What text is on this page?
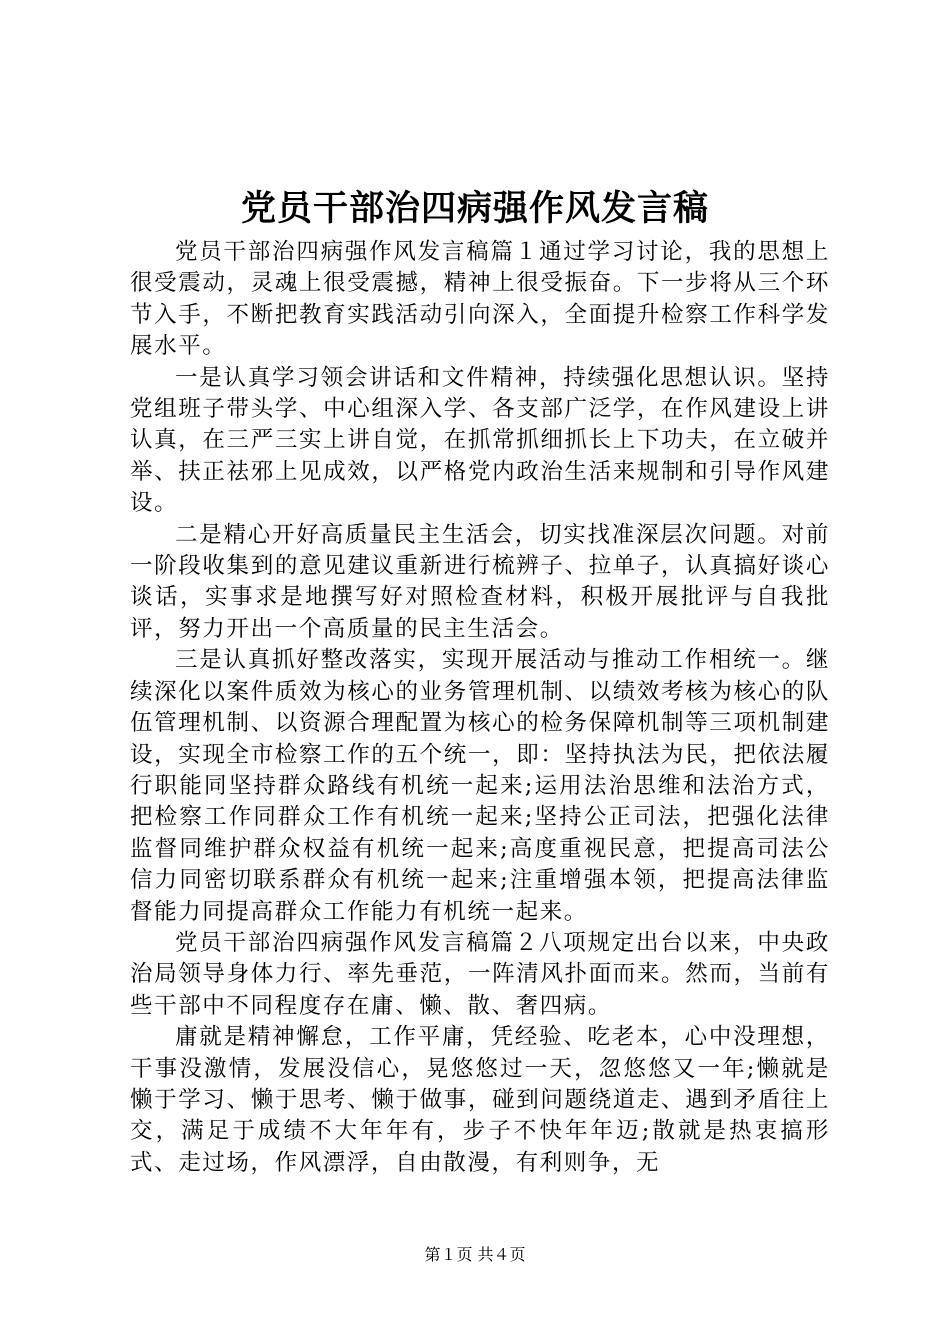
党员干部治四病强作风发言稿

党员干部治四病强作风发言稿篇１通过学习讨论，我的思想上很受震动，灵魂上很受震撼，精神上很受振奋。下一步将从三个环节入手，不断把教育实践活动引向深入，全面提升检察工作科学发展水平。

一是认真学习领会讲话和文件精神，持续强化思想认识。坚持党组班子带头学、中心组深入学、各支部广泛学，在作风建设上讲认真，在三严三实上讲自觉，在抓常抓细抓长上下功夫，在立破并举、扶正祛邪上见成效，以严格党内政治生活来规制和引导作风建设。

二是精心开好高质量民主生活会，切实找准深层次问题。对前一阶段收集到的意见建议重新进行梳辨子、拉单子，认真搞好谈心谈话，实事求是地撰写好对照检查材料，积极开展批评与自我批评，努力开出一个高质量的民主生活会。

三是认真抓好整改落实，实现开展活动与推动工作相统一。继续深化以案件质效为核心的业务管理机制、以绩效考核为核心的队伍管理机制、以资源合理配置为核心的检务保障机制等三项机制建设，实现全市检察工作的五个统一，即：坚持执法为民，把依法履行职能同坚持群众路线有机统一起来;运用法治思维和法治方式，把检察工作同群众工作有机统一起来;坚持公正司法，把强化法律监督同维护群众权益有机统一起来;高度重视民意，把提高司法公信力同密切联系群众有机统一起来;注重增强本领，把提高法律监督能力同提高群众工作能力有机统一起来。

党员干部治四病强作风发言稿篇２八项规定出台以来，中央政治局领导身体力行、率先垂范，一阵清风扑面而来。然而，当前有些干部中不同程度存在庸、懒、散、奢四病。

庸就是精神懈怠，工作平庸，凭经验、吃老本，心中没理想，干事没激情，发展没信心，晃悠悠过一天，忽悠悠又一年;懒就是懒于学习、懒于思考、懒于做事，碰到问题绕道走、遇到矛盾往上交，满足于成绩不大年年有，步子不快年年迈;散就是热衷搞形式、走过场，作风漂浮，自由散漫，有利则争，无

第１页 共４页
